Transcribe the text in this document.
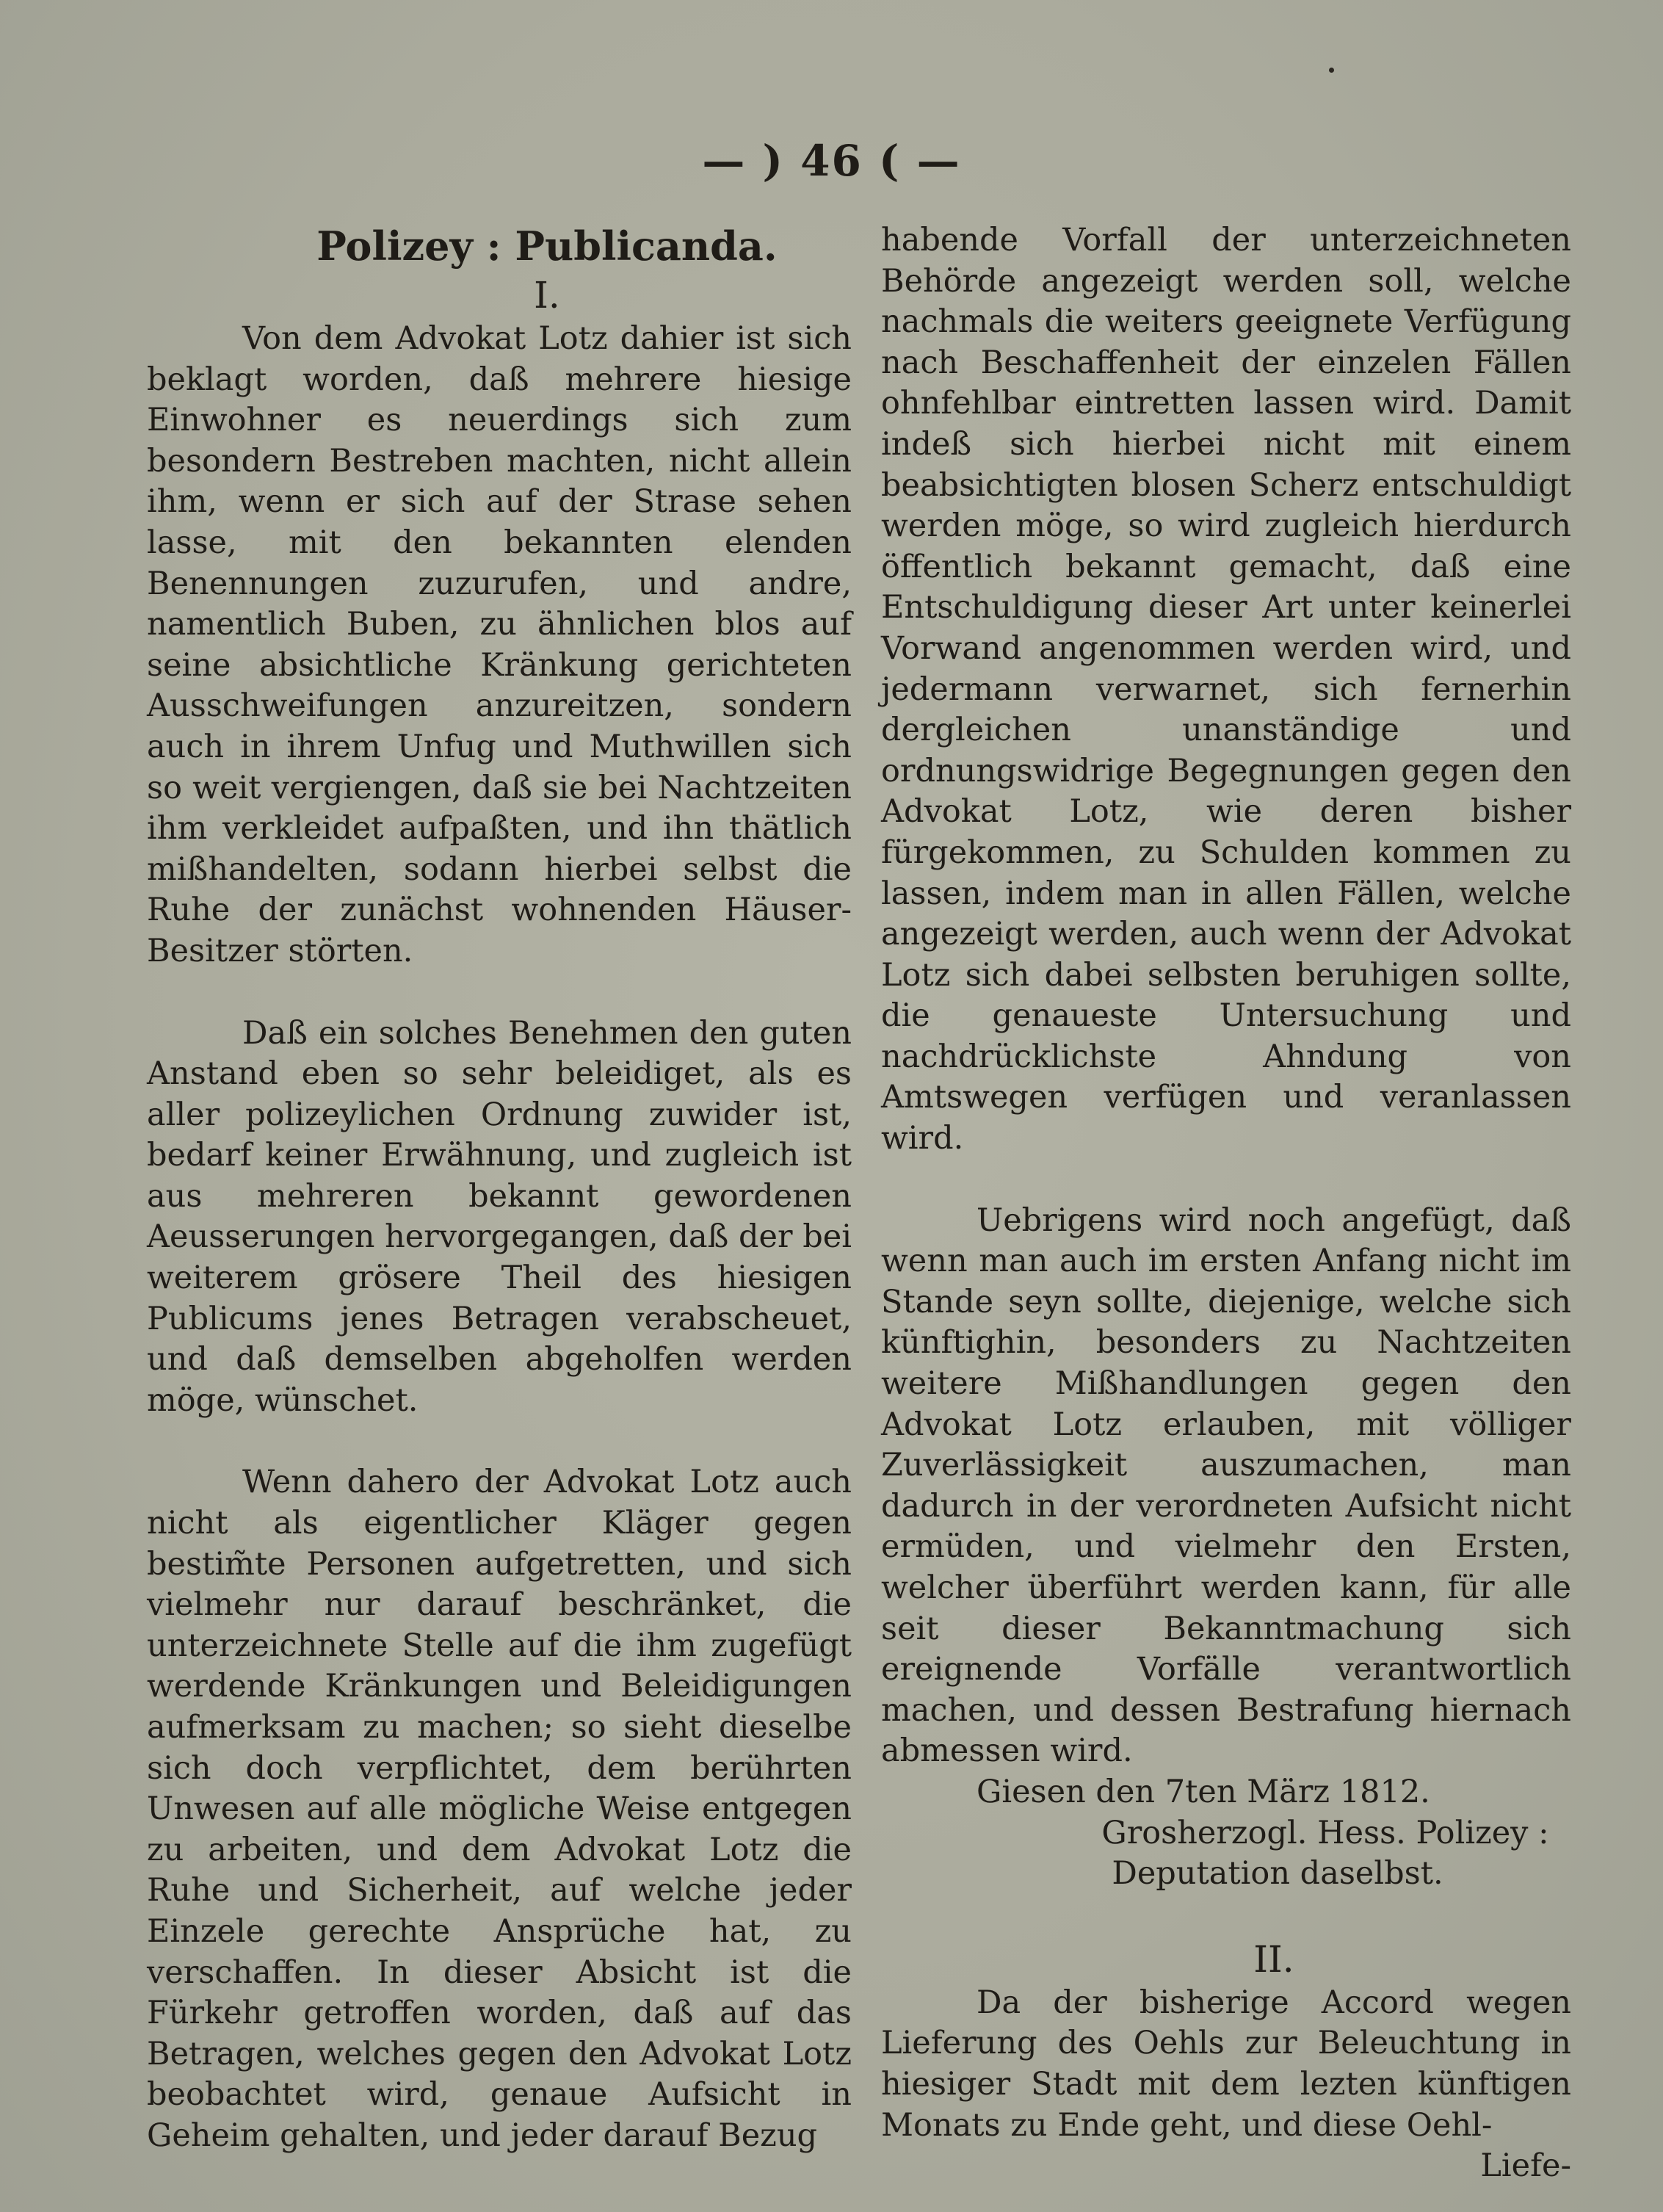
— ) 46 ( —

Polizey : Publicanda.

I.

Von dem Advokat Lotz dahier ist sich beklagt worden, daß mehrere hiesige Einwohner es neuerdings sich zum besondern Bestreben machten, nicht allein ihm, wenn er sich auf der Strase sehen lasse, mit den bekannten elenden Benennungen zuzurufen, und andre, namentlich Buben, zu ähnlichen blos auf seine absichtliche Kränkung gerichteten Ausschweifungen anzureitzen, sondern auch in ihrem Unfug und Muthwillen sich so weit vergiengen, daß sie bei Nachtzeiten ihm verkleidet aufpaßten, und ihn thätlich mißhandelten, sodann hierbei selbst die Ruhe der zunächst wohnenden Häuser-Besitzer störten.

Daß ein solches Benehmen den guten Anstand eben so sehr beleidiget, als es aller polizeylichen Ordnung zuwider ist, bedarf keiner Erwähnung, und zugleich ist aus mehreren bekannt gewordenen Aeusserungen hervorgegangen, daß der bei weiterem grösere Theil des hiesigen Publicums jenes Betragen verabscheuet, und daß demselben abgeholfen werden möge, wünschet.

Wenn dahero der Advokat Lotz auch nicht als eigentlicher Kläger gegen bestim̃te Personen aufgetretten, und sich vielmehr nur darauf beschränket, die unterzeichnete Stelle auf die ihm zugefügt werdende Kränkungen und Beleidigungen aufmerksam zu machen; so sieht dieselbe sich doch verpflichtet, dem berührten Unwesen auf alle mögliche Weise entgegen zu arbeiten, und dem Advokat Lotz die Ruhe und Sicherheit, auf welche jeder Einzele gerechte Ansprüche hat, zu verschaffen. In dieser Absicht ist die Fürkehr getroffen worden, daß auf das Betragen, welches gegen den Advokat Lotz beobachtet wird, genaue Aufsicht in Geheim gehalten, und jeder darauf Bezug

habende Vorfall der unterzeichneten Behörde angezeigt werden soll, welche nachmals die weiters geeignete Verfügung nach Beschaffenheit der einzelen Fällen ohnfehlbar eintretten lassen wird. Damit indeß sich hierbei nicht mit einem beabsichtigten blosen Scherz entschuldigt werden möge, so wird zugleich hierdurch öffentlich bekannt gemacht, daß eine Entschuldigung dieser Art unter keinerlei Vorwand angenommen werden wird, und jedermann verwarnet, sich fernerhin dergleichen unanständige und ordnungswidrige Begegnungen gegen den Advokat Lotz, wie deren bisher fürgekommen, zu Schulden kommen zu lassen, indem man in allen Fällen, welche angezeigt werden, auch wenn der Advokat Lotz sich dabei selbsten beruhigen sollte, die genaueste Untersuchung und nachdrücklichste Ahndung von Amtswegen verfügen und veranlassen wird.

Uebrigens wird noch angefügt, daß wenn man auch im ersten Anfang nicht im Stande seyn sollte, diejenige, welche sich künftighin, besonders zu Nachtzeiten weitere Mißhandlungen gegen den Advokat Lotz erlauben, mit völliger Zuverlässigkeit auszumachen, man dadurch in der verordneten Aufsicht nicht ermüden, und vielmehr den Ersten, welcher überführt werden kann, für alle seit dieser Bekanntmachung sich ereignende Vorfälle verantwortlich machen, und dessen Bestrafung hiernach abmessen wird.

Giesen den 7ten März 1812.

Grosherzogl. Hess. Polizey : Deputation daselbst.

II.

Da der bisherige Accord wegen Lieferung des Oehls zur Beleuchtung in hiesiger Stadt mit dem lezten künftigen Monats zu Ende geht, und diese Oehl-

Liefe-
